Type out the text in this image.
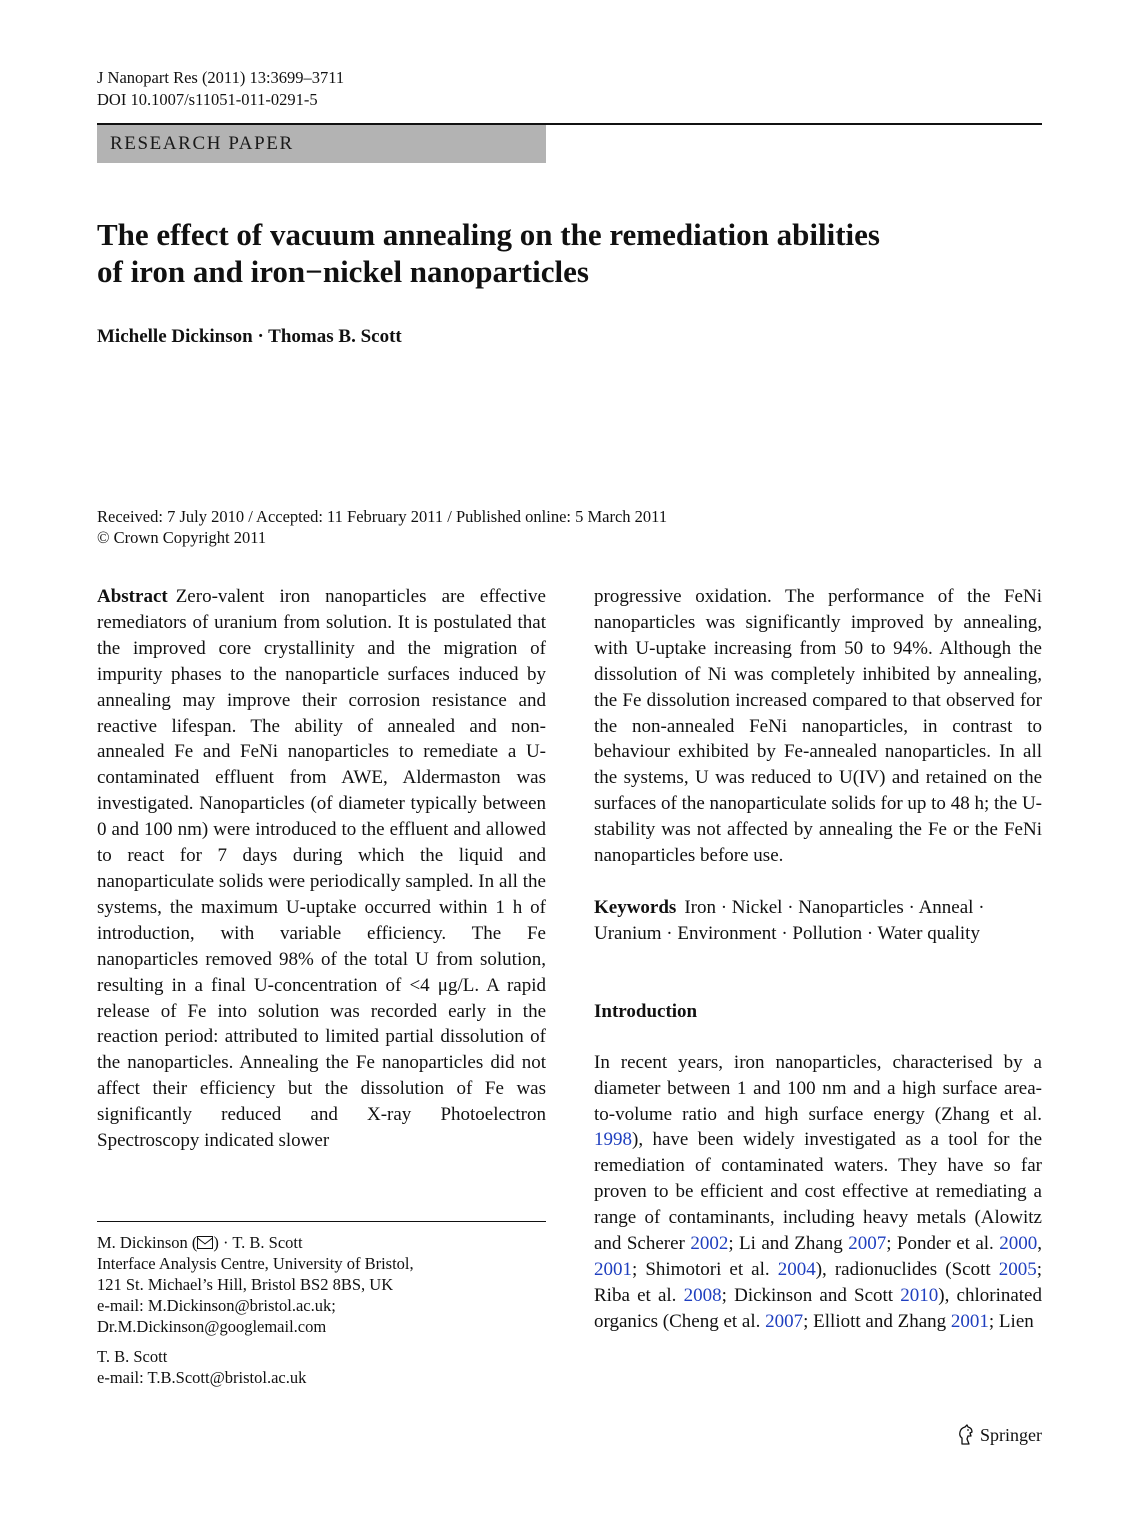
J Nanopart Res (2011) 13:3699–3711
DOI 10.1007/s11051-011-0291-5
RESEARCH PAPER
The effect of vacuum annealing on the remediation abilities
of iron and iron−nickel nanoparticles
Michelle Dickinson · Thomas B. Scott
Received: 7 July 2010 / Accepted: 11 February 2011 / Published online: 5 March 2011
© Crown Copyright 2011
Abstract Zero-valent iron nanoparticles are effective remediators of uranium from solution. It is postulated that the improved core crystallinity and the migration of impurity phases to the nanoparticle surfaces induced by annealing may improve their corrosion resistance and reactive lifespan. The ability of annealed and non-annealed Fe and FeNi nanoparticles to remediate a U-contaminated effluent from AWE, Aldermaston was investigated. Nanoparticles (of diameter typically between 0 and 100 nm) were introduced to the effluent and allowed to react for 7 days during which the liquid and nanoparticulate solids were periodically sampled. In all the systems, the maximum U-uptake occurred within 1 h of introduction, with variable efficiency. The Fe nanoparticles removed 98% of the total U from solution, resulting in a final U-concentration of <4 μg/L. A rapid release of Fe into solution was recorded early in the reaction period: attributed to limited partial dissolution of the nanoparticles. Annealing the Fe nanoparticles did not affect their efficiency but the dissolution of Fe was significantly reduced and X-ray Photoelectron Spectroscopy indicated slower
progressive oxidation. The performance of the FeNi nanoparticles was significantly improved by annealing, with U-uptake increasing from 50 to 94%. Although the dissolution of Ni was completely inhibited by annealing, the Fe dissolution increased compared to that observed for the non-annealed FeNi nanoparticles, in contrast to behaviour exhibited by Fe-annealed nanoparticles. In all the systems, U was reduced to U(IV) and retained on the surfaces of the nanoparticulate solids for up to 48 h; the U-stability was not affected by annealing the Fe or the FeNi nanoparticles before use.
Keywords Iron · Nickel · Nanoparticles · Anneal · Uranium · Environment · Pollution · Water quality
Introduction
In recent years, iron nanoparticles, characterised by a diameter between 1 and 100 nm and a high surface area-to-volume ratio and high surface energy (Zhang et al. 1998), have been widely investigated as a tool for the remediation of contaminated waters. They have so far proven to be efficient and cost effective at remediating a range of contaminants, including heavy metals (Alowitz and Scherer 2002; Li and Zhang 2007; Ponder et al. 2000, 2001; Shimotori et al. 2004), radionuclides (Scott 2005; Riba et al. 2008; Dickinson and Scott 2010), chlorinated organics (Cheng et al. 2007; Elliott and Zhang 2001; Lien

M. Dickinson ( ) · T. B. Scott

Interface Analysis Centre, University of Bristol,

121 St. Michael’s Hill, Bristol BS2 8BS, UK

e-mail: M.Dickinson@bristol.ac.uk;

Dr.M.Dickinson@googlemail.com

T. B. Scott

e-mail: T.B.Scott@bristol.ac.uk

Springer
